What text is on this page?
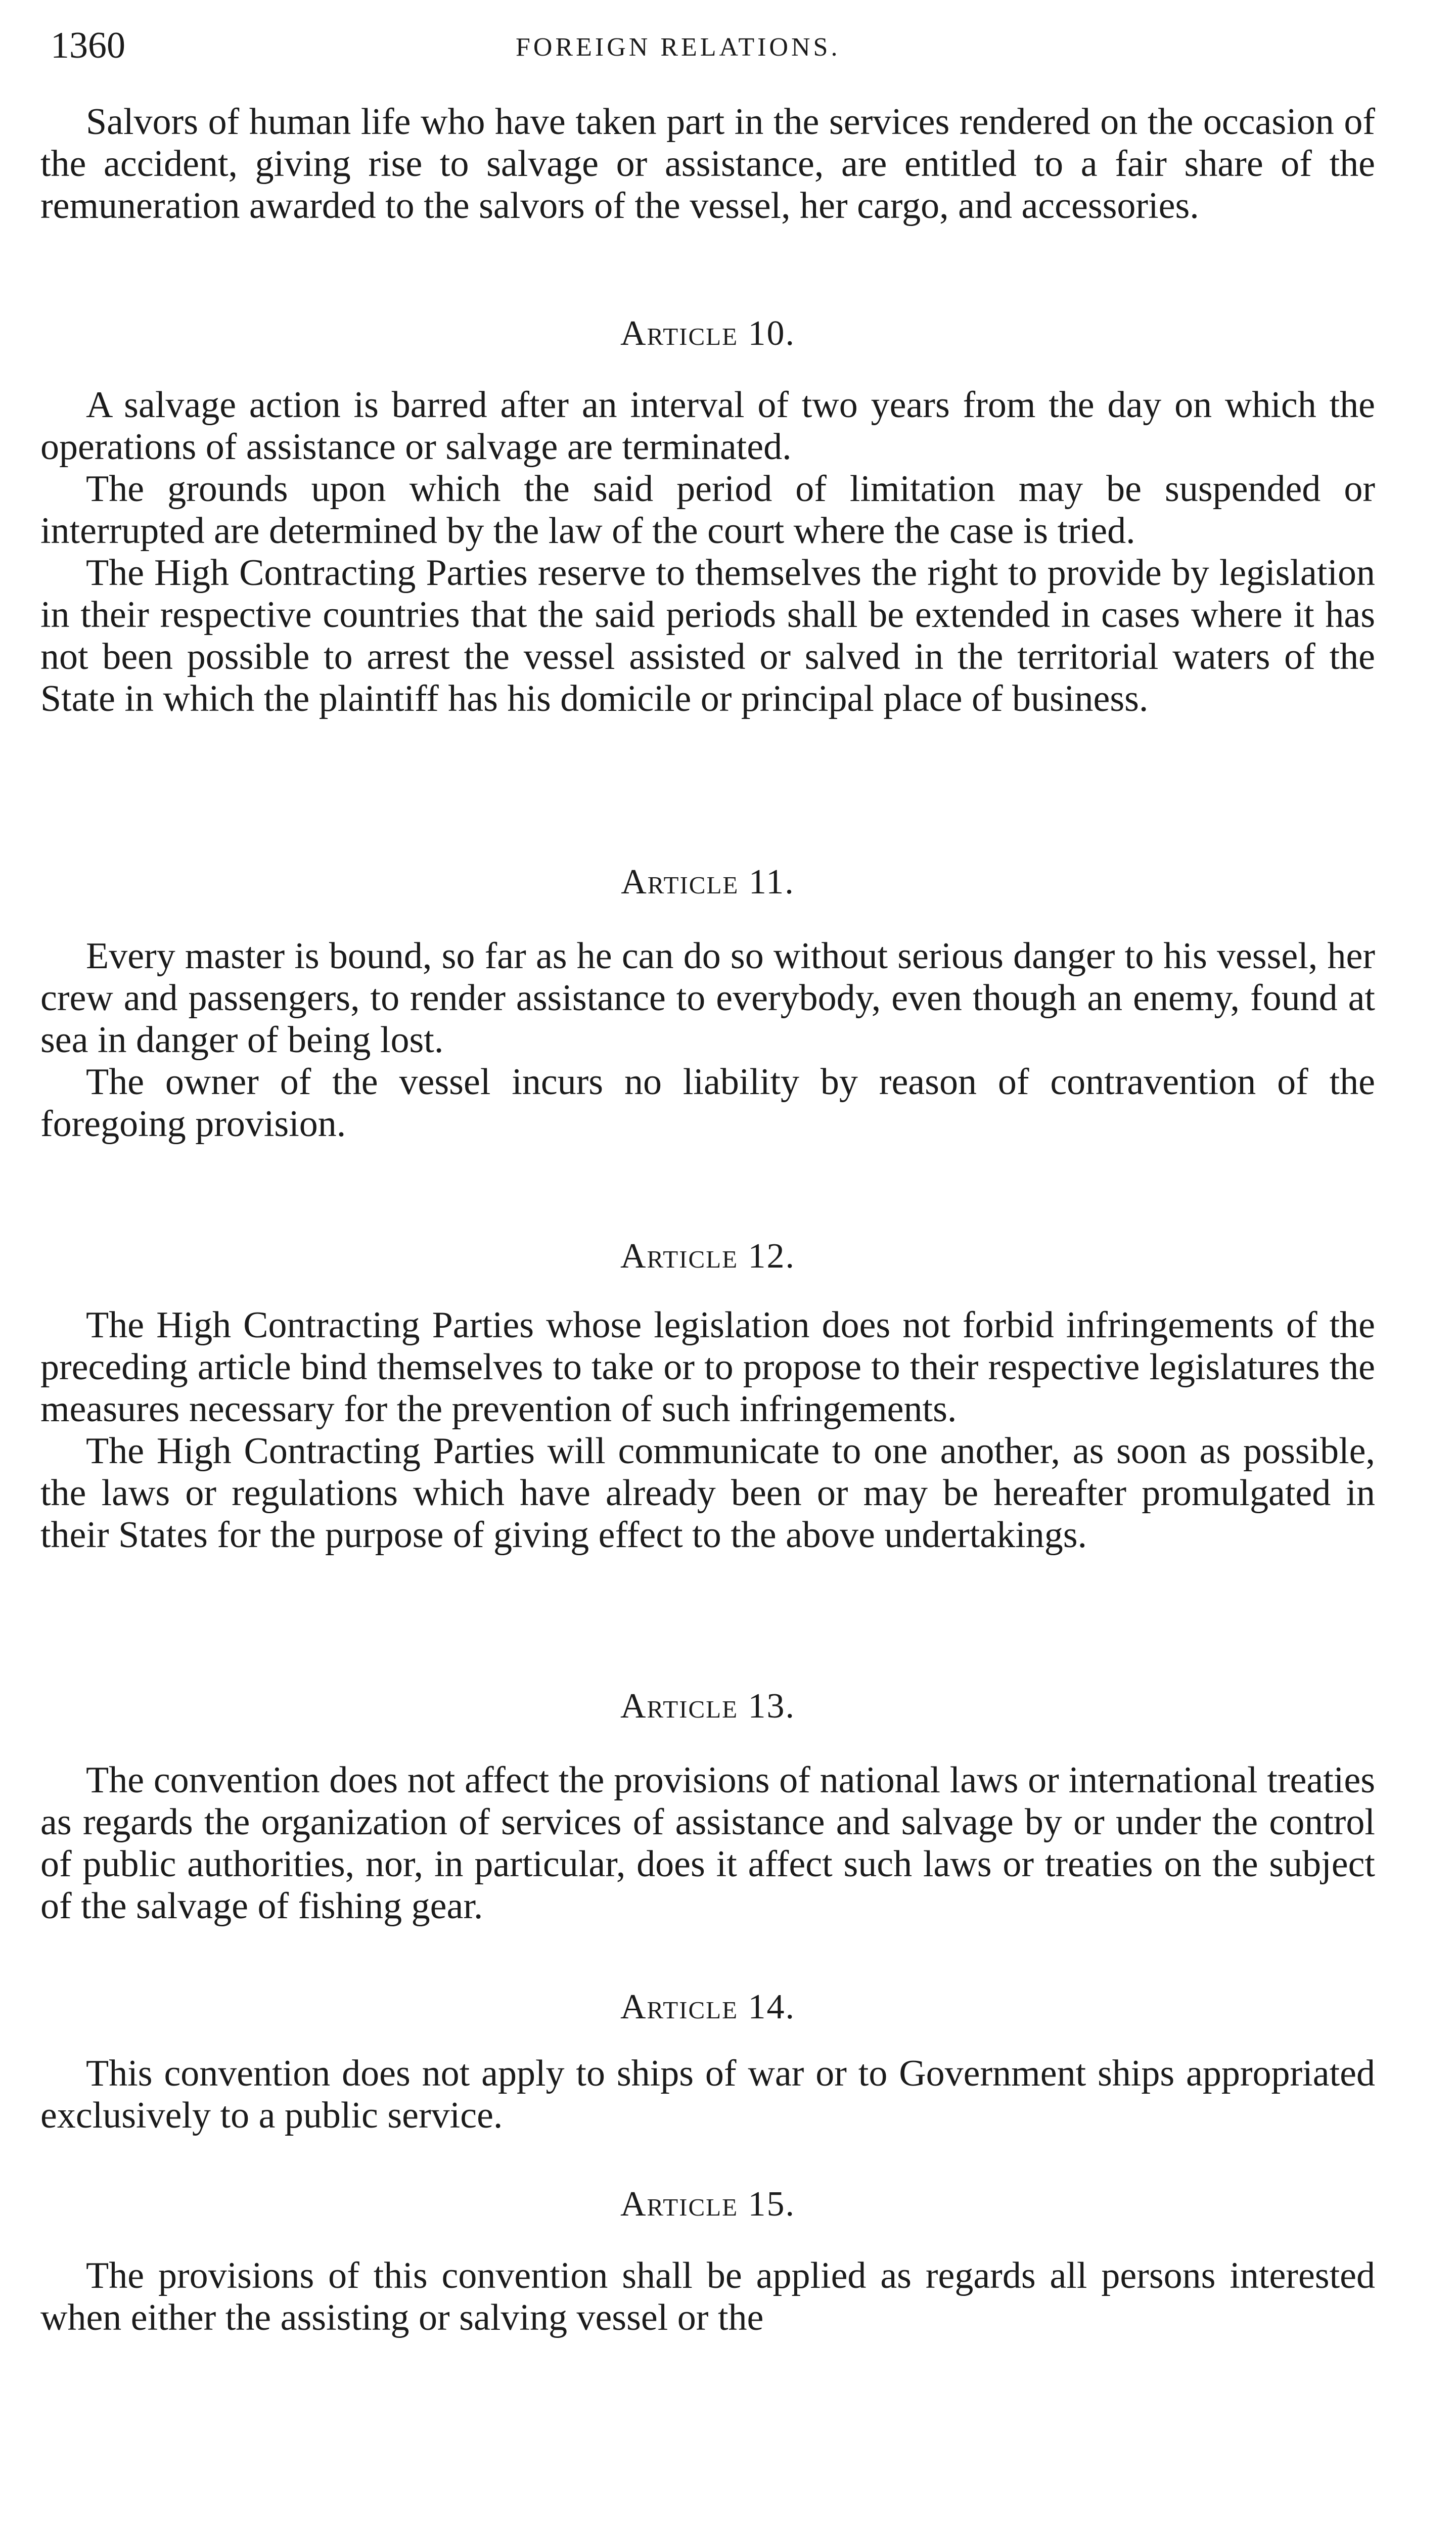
1360	FOREIGN RELATIONS.

Salvors of human life who have taken part in the services rendered on the occasion of the accident, giving rise to salvage or assistance, are entitled to a fair share of the remuneration awarded to the salvors of the vessel, her cargo, and accessories.

Article 10.

A salvage action is barred after an interval of two years from the day on which the operations of assistance or salvage are terminated.

The grounds upon which the said period of limitation may be suspended or interrupted are determined by the law of the court where the case is tried.

The High Contracting Parties reserve to themselves the right to provide by legislation in their respective countries that the said periods shall be extended in cases where it has not been possible to arrest the vessel assisted or salved in the territorial waters of the State in which the plaintiff has his domicile or principal place of business.

Article 11.

Every master is bound, so far as he can do so without serious danger to his vessel, her crew and passengers, to render assistance to everybody, even though an enemy, found at sea in danger of being lost.

The owner of the vessel incurs no liability by reason of contravention of the foregoing provision.

Article 12.

The High Contracting Parties whose legislation does not forbid infringements of the preceding article bind themselves to take or to propose to their respective legislatures the measures necessary for the prevention of such infringements.

The High Contracting Parties will communicate to one another, as soon as possible, the laws or regulations which have already been or may be hereafter promulgated in their States for the purpose of giving effect to the above undertakings.

Article 13.

The convention does not affect the provisions of national laws or international treaties as regards the organization of services of assistance and salvage by or under the control of public authorities, nor, in particular, does it affect such laws or treaties on the subject of the salvage of fishing gear.

Article 14.

This convention does not apply to ships of war or to Government ships appropriated exclusively to a public service.

Article 15.

The provisions of this convention shall be applied as regards all persons interested when either the assisting or salving vessel or the
